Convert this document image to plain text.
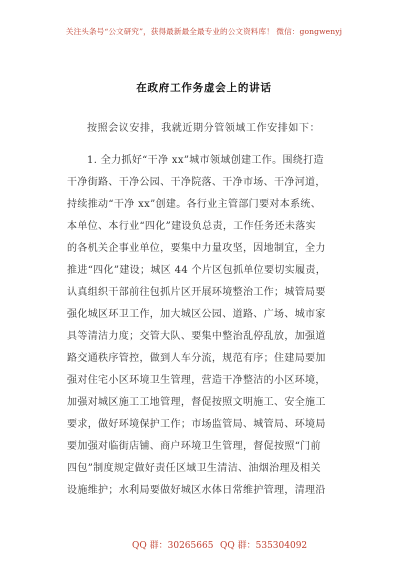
关注头条号“公文研究”，获得最新最全最专业的公文资料库！ 微信：gongwenyj
在政府工作务虚会上的讲话
按照会议安排，我就近期分管领域工作安排如下：
1. 全力抓好“干净 xx”城市领域创建工作。围绕打造
干净街路、干净公园、干净院落、干净市场、干净河道，
持续推动“干净 xx”创建。各行业主管部门要对本系统、
本单位、本行业“四化”建设负总责，工作任务还未落实
的各机关企事业单位，要集中力量攻坚，因地制宜，全力
推进“四化”建设；城区 44 个片区包抓单位要切实履责，
认真组织干部前往包抓片区开展环境整治工作；城管局要
强化城区环卫工作，加大城区公园、道路、广场、城市家
具等清洁力度；交管大队、要集中整治乱停乱放，加强道
路交通秩序管控，做到人车分流，规范有序；住建局要加
强对住宅小区环境卫生管理，营造干净整洁的小区环境，
加强对城区施工工地管理，督促按照文明施工、安全施工
要求，做好环境保护工作；市场监管局、城管局、环境局
要加强对临街店铺、商户环境卫生管理，督促按照“门前
四包”制度规定做好责任区域卫生清洁、油烟治理及相关
设施维护；水利局要做好城区水体日常维护管理，清理沿
QQ 群：30265665 QQ 群：535304092
